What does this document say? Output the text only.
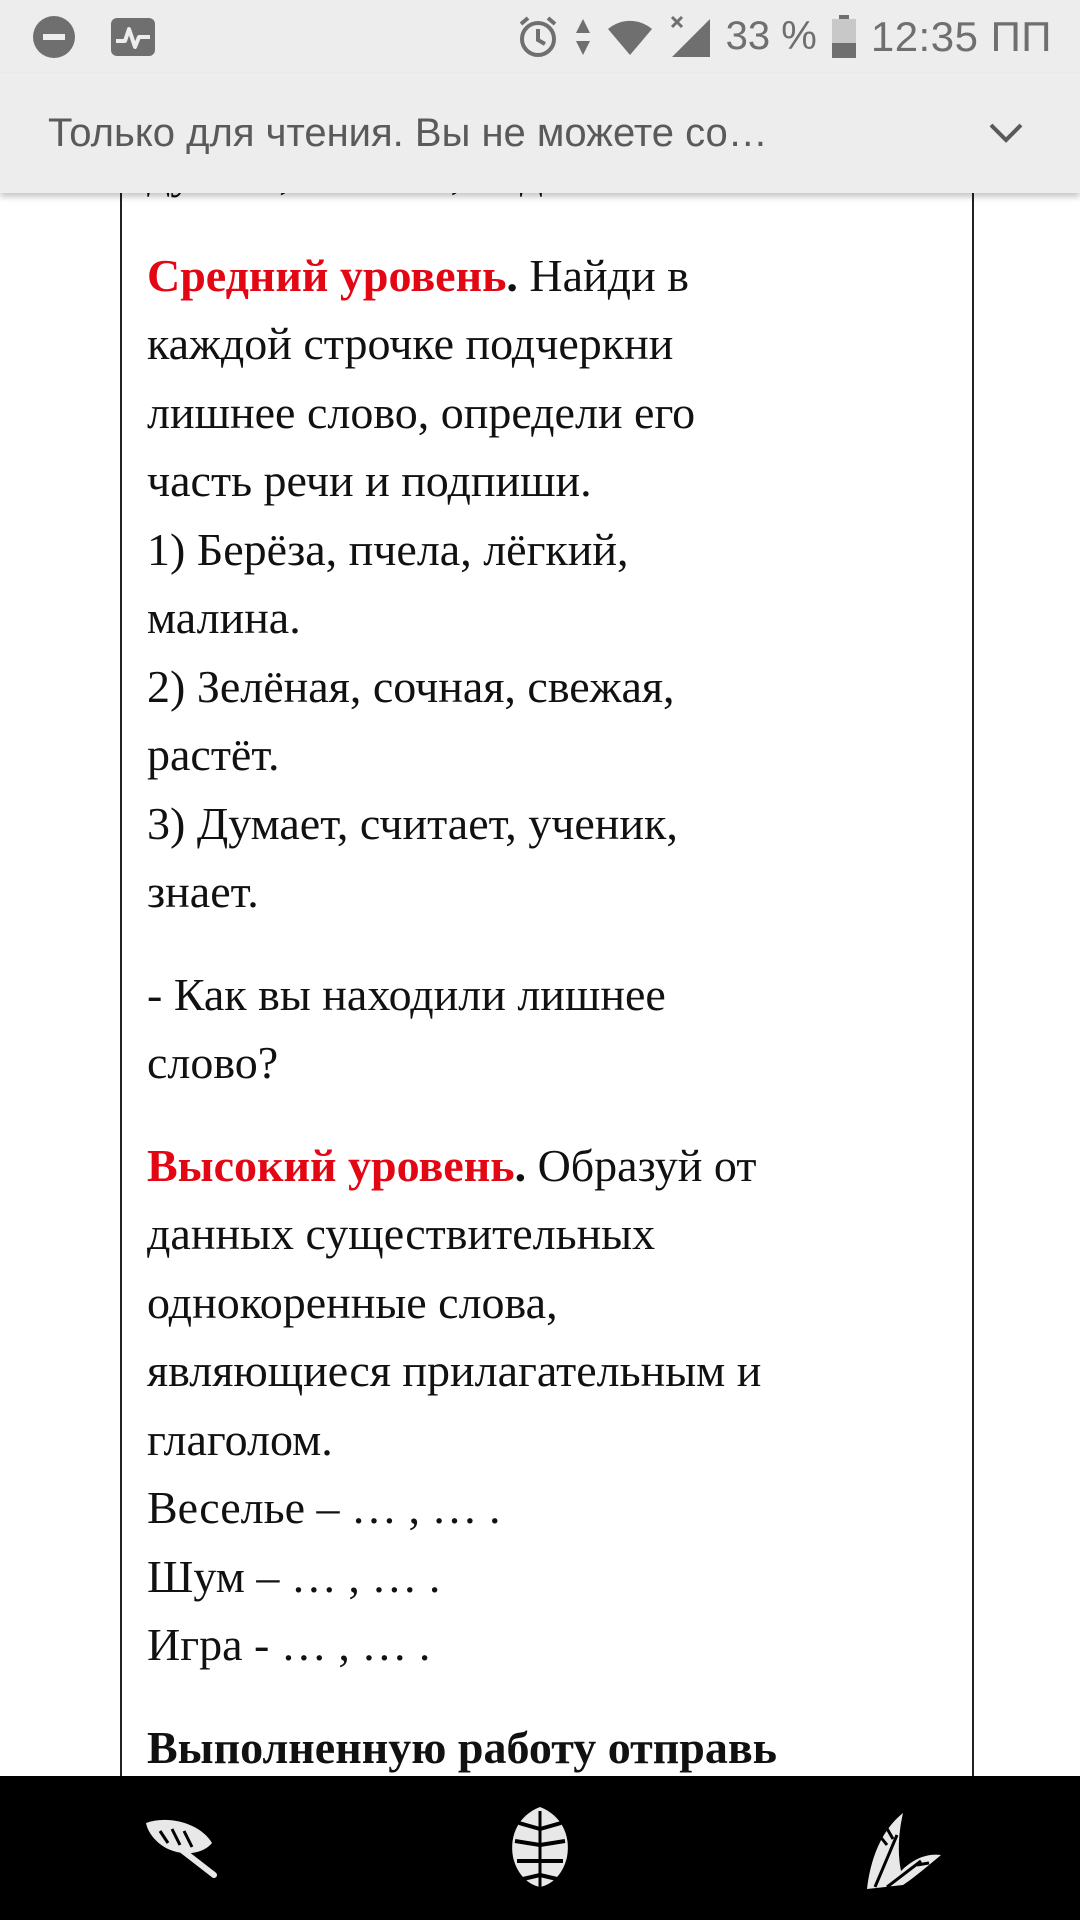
33 % 12:35 ПП
Только для чтения. Вы не можете со…

Средний уровень. Найди в
каждой строчке подчеркни
лишнее слово, определи его
часть речи и подпиши.
1) Берёза, пчела, лёгкий,
малина.
2) Зелёная, сочная, свежая,
растёт.
3) Думает, считает, ученик,
знает.

- Как вы находили лишнее
слово?

Высокий уровень. Образуй от
данных существительных
однокоренные слова,
являющиеся прилагательным и
глаголом.
Веселье – … , … .
Шум – … , … .
Игра - … , … .

Выполненную работу отправь
